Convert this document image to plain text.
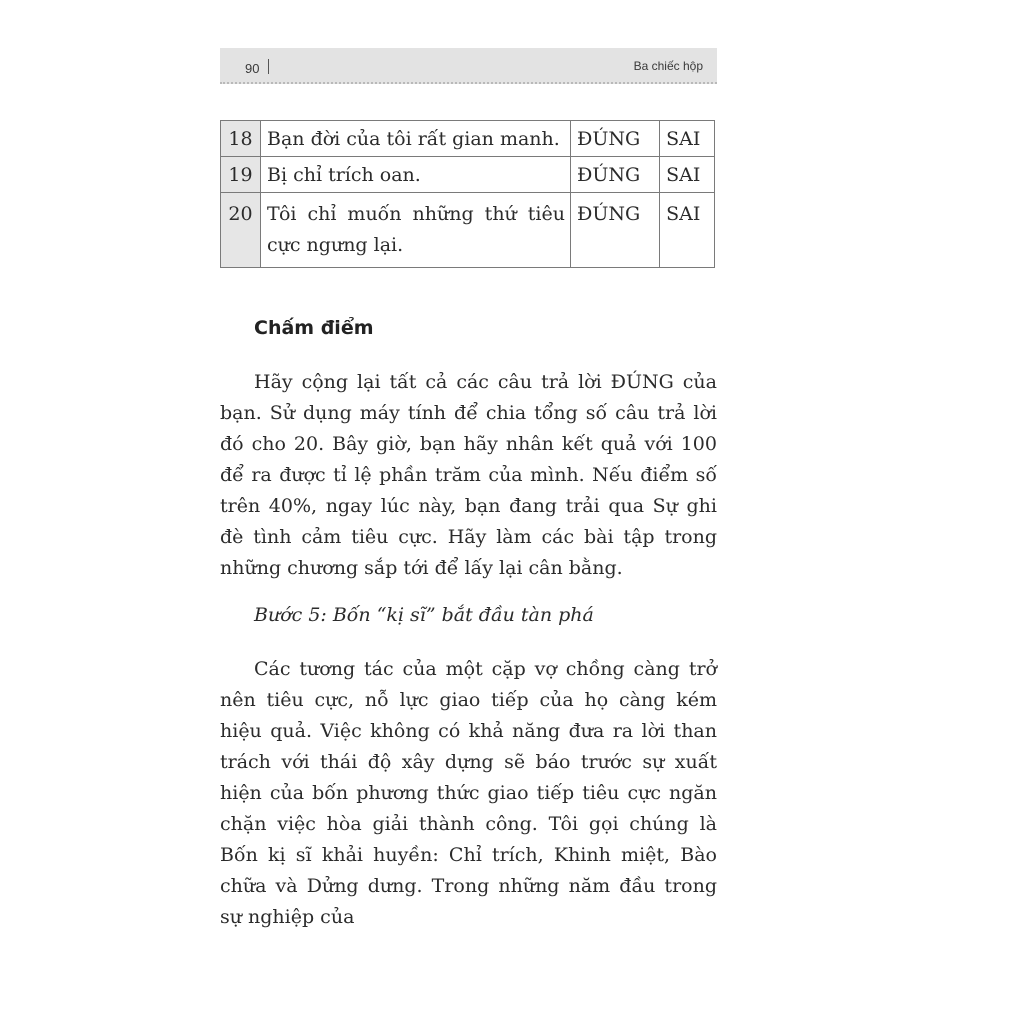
90	Ba chiếc hộp
18	Bạn đời của tôi rất gian manh.	ĐÚNG	SAI
19	Bị chỉ trích oan.	ĐÚNG	SAI
20	Tôi chỉ muốn những thứ tiêu cực ngưng lại.	ĐÚNG	SAI
Chấm điểm

Hãy cộng lại tất cả các câu trả lời ĐÚNG của bạn. Sử dụng máy tính để chia tổng số câu trả lời đó cho 20. Bây giờ, bạn hãy nhân kết quả với 100 để ra được tỉ lệ phần trăm của mình. Nếu điểm số trên 40%, ngay lúc này, bạn đang trải qua Sự ghi đè tình cảm tiêu cực. Hãy làm các bài tập trong những chương sắp tới để lấy lại cân bằng.

Bước 5: Bốn “kị sĩ” bắt đầu tàn phá

Các tương tác của một cặp vợ chồng càng trở nên tiêu cực, nỗ lực giao tiếp của họ càng kém hiệu quả. Việc không có khả năng đưa ra lời than trách với thái độ xây dựng sẽ báo trước sự xuất hiện của bốn phương thức giao tiếp tiêu cực ngăn chặn việc hòa giải thành công. Tôi gọi chúng là Bốn kị sĩ khải huyền: Chỉ trích, Khinh miệt, Bào chữa và Dửng dưng. Trong những năm đầu trong sự nghiệp của
